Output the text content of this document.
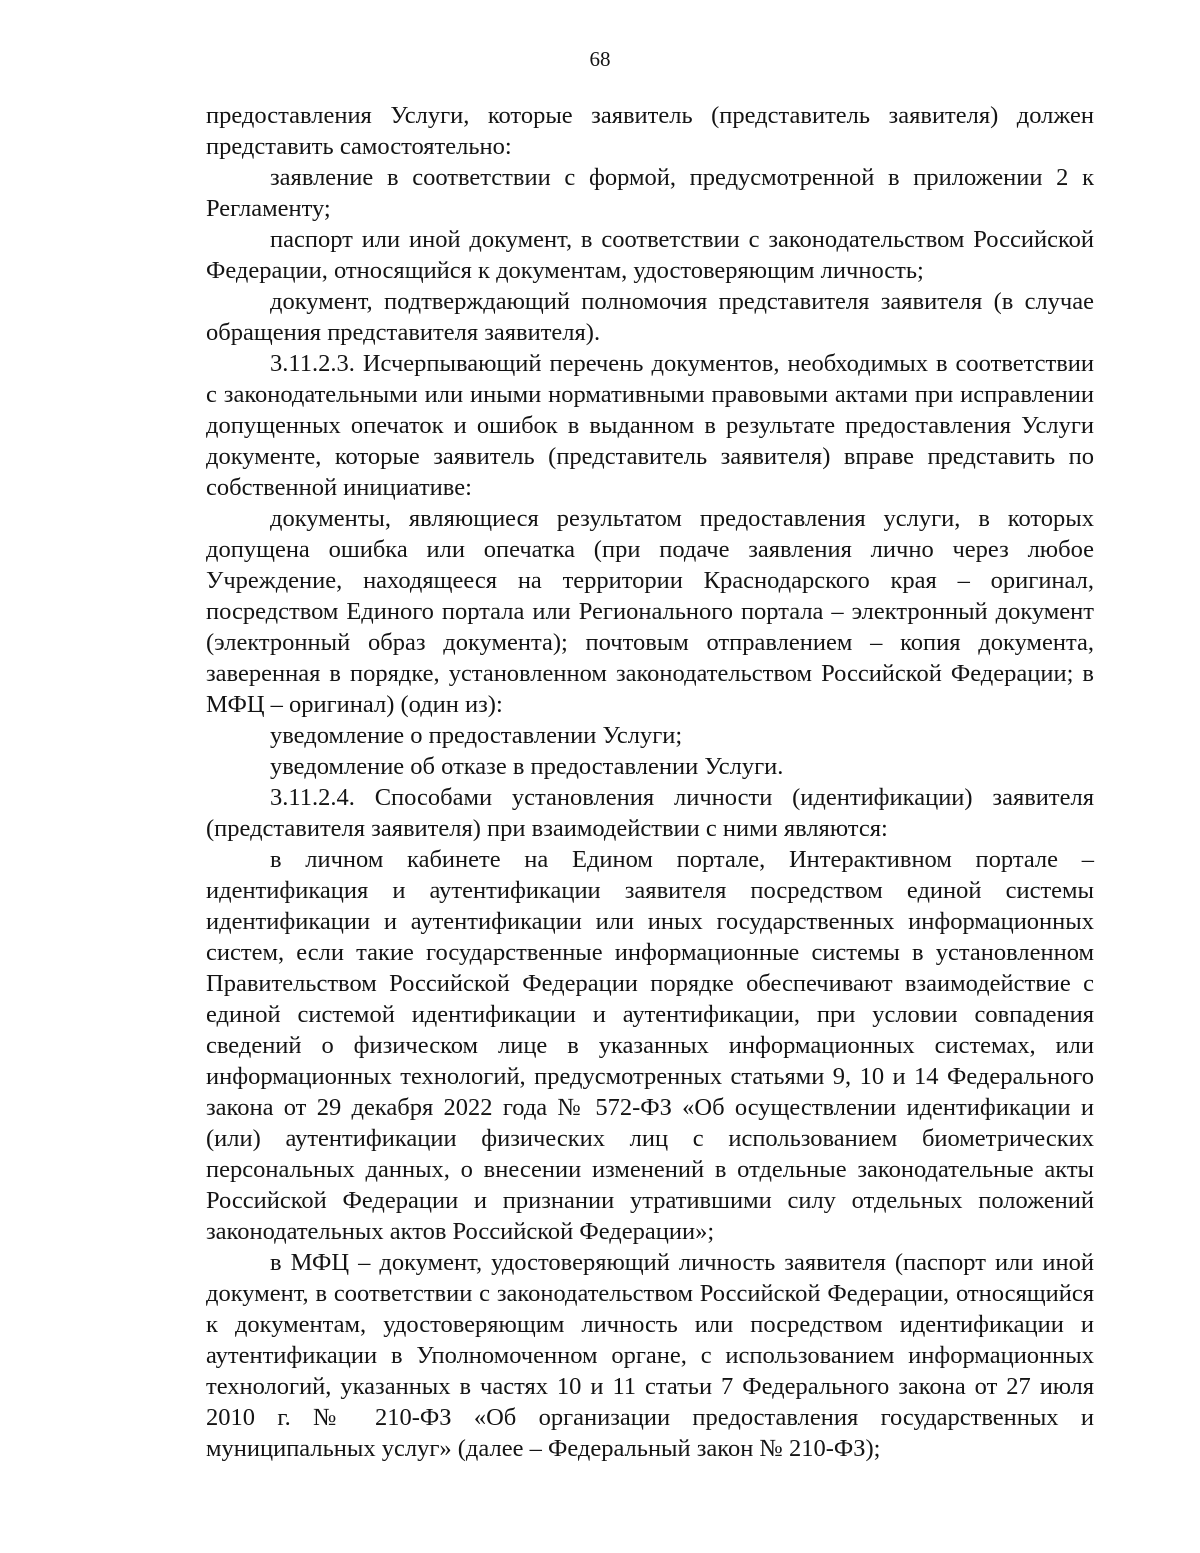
68

предоставления Услуги, которые заявитель (представитель заявителя) должен представить самостоятельно:

заявление в соответствии с формой, предусмотренной в приложении 2 к Регламенту;

паспорт или иной документ, в соответствии с законодательством Российской Федерации, относящийся к документам, удостоверяющим личность;

документ, подтверждающий полномочия представителя заявителя (в случае обращения представителя заявителя).

3.11.2.3. Исчерпывающий перечень документов, необходимых в соответствии с законодательными или иными нормативными правовыми актами при исправлении допущенных опечаток и ошибок в выданном в результате предоставления Услуги документе, которые заявитель (представитель заявителя) вправе представить по собственной инициативе:

документы, являющиеся результатом предоставления услуги, в которых допущена ошибка или опечатка (при подаче заявления лично через любое Учреждение, находящееся на территории Краснодарского края – оригинал, посредством Единого портала или Регионального портала – электронный документ (электронный образ документа); почтовым отправлением – копия документа, заверенная в порядке, установленном законодательством Российской Федерации; в МФЦ – оригинал) (один из):

уведомление о предоставлении Услуги;

уведомление об отказе в предоставлении Услуги.

3.11.2.4. Способами установления личности (идентификации) заявителя (представителя заявителя) при взаимодействии с ними являются:

в личном кабинете на Едином портале, Интерактивном портале – идентификация и аутентификации заявителя посредством единой системы идентификации и аутентификации или иных государственных информационных систем, если такие государственные информационные системы в установленном Правительством Российской Федерации порядке обеспечивают взаимодействие с единой системой идентификации и аутентификации, при условии совпадения сведений о физическом лице в указанных информационных системах, или информационных технологий, предусмотренных статьями 9, 10 и 14 Федерального закона от 29 декабря 2022 года № 572-ФЗ «Об осуществлении идентификации и (или) аутентификации физических лиц с использованием биометрических персональных данных, о внесении изменений в отдельные законодательные акты Российской Федерации и признании утратившими силу отдельных положений законодательных актов Российской Федерации»;

в МФЦ – документ, удостоверяющий личность заявителя (паспорт или иной документ, в соответствии с законодательством Российской Федерации, относящийся к документам, удостоверяющим личность или посредством идентификации и аутентификации в Уполномоченном органе, с использованием информационных технологий, указанных в частях 10 и 11 статьи 7 Федерального закона от 27 июля 2010 г. № 210-ФЗ «Об организации предоставления государственных и муниципальных услуг» (далее – Федеральный закон № 210-ФЗ);
